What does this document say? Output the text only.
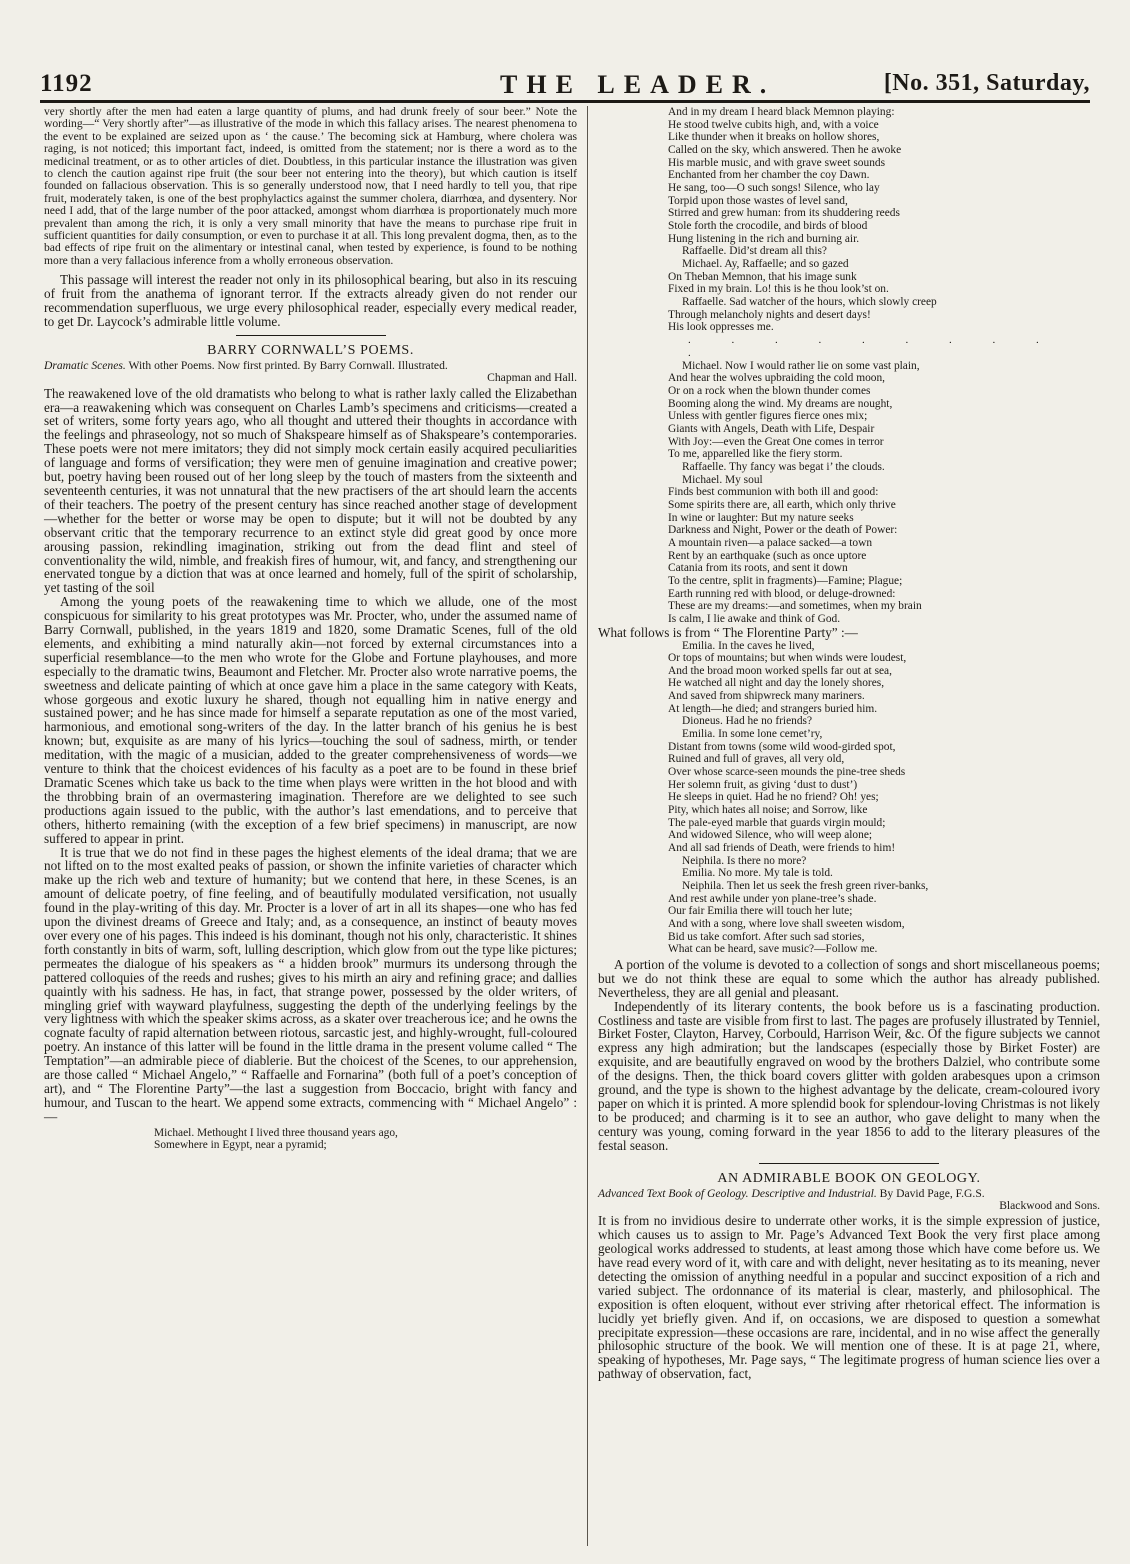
1192	THE LEADER.	[No. 351, Saturday,

very shortly after the men had eaten a large quantity of plums, and had drunk freely of sour beer.” Note the wording—“ Very shortly after”—as illustrative of the mode in which this fallacy arises. The nearest phenomena to the event to be explained are seized upon as ‘ the cause.’ The becoming sick at Hamburg, where cholera was raging, is not noticed; this important fact, indeed, is omitted from the statement; nor is there a word as to the medicinal treatment, or as to other articles of diet. Doubtless, in this particular instance the illustration was given to clench the caution against ripe fruit (the sour beer not entering into the theory), but which caution is itself founded on fallacious observation. This is so generally understood now, that I need hardly to tell you, that ripe fruit, moderately taken, is one of the best prophylactics against the summer cholera, diarrhœa, and dysentery. Nor need I add, that of the large number of the poor attacked, amongst whom diarrhœa is proportionately much more prevalent than among the rich, it is only a very small minority that have the means to purchase ripe fruit in sufficient quantities for daily consumption, or even to purchase it at all. This long prevalent dogma, then, as to the bad effects of ripe fruit on the alimentary or intestinal canal, when tested by experience, is found to be nothing more than a very fallacious inference from a wholly erroneous observation.

This passage will interest the reader not only in its philosophical bearing, but also in its rescuing of fruit from the anathema of ignorant terror. If the extracts already given do not render our recommendation superfluous, we urge every philosophical reader, especially every medical reader, to get Dr. Laycock’s admirable little volume.

BARRY CORNWALL’S POEMS.

Dramatic Scenes. With other Poems. Now first printed. By Barry Cornwall. Illustrated.

Chapman and Hall.

The reawakened love of the old dramatists who belong to what is rather laxly called the Elizabethan era—a reawakening which was consequent on Charles Lamb’s specimens and criticisms—created a set of writers, some forty years ago, who all thought and uttered their thoughts in accordance with the feelings and phraseology, not so much of Shakspeare himself as of Shakspeare’s contemporaries. These poets were not mere imitators; they did not simply mock certain easily acquired peculiarities of language and forms of versification; they were men of genuine imagination and creative power; but, poetry having been roused out of her long sleep by the touch of masters from the sixteenth and seventeenth centuries, it was not unnatural that the new practisers of the art should learn the accents of their teachers. The poetry of the present century has since reached another stage of development—whether for the better or worse may be open to dispute; but it will not be doubted by any observant critic that the temporary recurrence to an extinct style did great good by once more arousing passion, rekindling imagination, striking out from the dead flint and steel of conventionality the wild, nimble, and freakish fires of humour, wit, and fancy, and strengthening our enervated tongue by a diction that was at once learned and homely, full of the spirit of scholarship, yet tasting of the soil

Among the young poets of the reawakening time to which we allude, one of the most conspicuous for similarity to his great prototypes was Mr. Procter, who, under the assumed name of Barry Cornwall, published, in the years 1819 and 1820, some Dramatic Scenes, full of the old elements, and exhibiting a mind naturally akin—not forced by external circumstances into a superficial resemblance—to the men who wrote for the Globe and Fortune playhouses, and more especially to the dramatic twins, Beaumont and Fletcher. Mr. Procter also wrote narrative poems, the sweetness and delicate painting of which at once gave him a place in the same category with Keats, whose gorgeous and exotic luxury he shared, though not equalling him in native energy and sustained power; and he has since made for himself a separate reputation as one of the most varied, harmonious, and emotional song-writers of the day. In the latter branch of his genius he is best known; but, exquisite as are many of his lyrics—touching the soul of sadness, mirth, or tender meditation, with the magic of a musician, added to the greater comprehensiveness of words—we venture to think that the choicest evidences of his faculty as a poet are to be found in these brief Dramatic Scenes which take us back to the time when plays were written in the hot blood and with the throbbing brain of an overmastering imagination. Therefore are we delighted to see such productions again issued to the public, with the author’s last emendations, and to perceive that others, hitherto remaining (with the exception of a few brief specimens) in manuscript, are now suffered to appear in print.

It is true that we do not find in these pages the highest elements of the ideal drama; that we are not lifted on to the most exalted peaks of passion, or shown the infinite varieties of character which make up the rich web and texture of humanity; but we contend that here, in these Scenes, is an amount of delicate poetry, of fine feeling, and of beautifully modulated versification, not usually found in the play-writing of this day. Mr. Procter is a lover of art in all its shapes—one who has fed upon the divinest dreams of Greece and Italy; and, as a consequence, an instinct of beauty moves over every one of his pages. This indeed is his dominant, though not his only, characteristic. It shines forth constantly in bits of warm, soft, lulling description, which glow from out the type like pictures; permeates the dialogue of his speakers as “ a hidden brook” murmurs its undersong through the pattered colloquies of the reeds and rushes; gives to his mirth an airy and refining grace; and dallies quaintly with his sadness. He has, in fact, that strange power, possessed by the older writers, of mingling grief with wayward playfulness, suggesting the depth of the underlying feelings by the very lightness with which the speaker skims across, as a skater over treacherous ice; and he owns the cognate faculty of rapid alternation between riotous, sarcastic jest, and highly-wrought, full-coloured poetry. An instance of this latter will be found in the little drama in the present volume called “ The Temptation”—an admirable piece of diablerie. But the choicest of the Scenes, to our apprehension, are those called “ Michael Angelo,” “ Raffaelle and Fornarina” (both full of a poet’s conception of art), and “ The Florentine Party”—the last a suggestion from Boccacio, bright with fancy and humour, and Tuscan to the heart. We append some extracts, commencing with “ Michael Angelo” :—

Michael. Methought I lived three thousand years ago,

Somewhere in Egypt, near a pyramid;

And in my dream I heard black Memnon playing:

He stood twelve cubits high, and, with a voice

Like thunder when it breaks on hollow shores,

Called on the sky, which answered. Then he awoke

His marble music, and with grave sweet sounds

Enchanted from her chamber the coy Dawn.

He sang, too—O such songs! Silence, who lay

Torpid upon those wastes of level sand,

Stirred and grew human: from its shuddering reeds

Stole forth the crocodile, and birds of blood

Hung listening in the rich and burning air.

Raffaelle. Did’st dream all this?

Michael. Ay, Raffaelle; and so gazed

On Theban Memnon, that his image sunk

Fixed in my brain. Lo! this is he thou look’st on.

Raffaelle. Sad watcher of the hours, which slowly creep

Through melancholy nights and desert days!

His look oppresses me.

. . . . . . . . . .

Michael. Now I would rather lie on some vast plain,

And hear the wolves upbraiding the cold moon,

Or on a rock when the blown thunder comes

Booming along the wind. My dreams are nought,

Unless with gentler figures fierce ones mix;

Giants with Angels, Death with Life, Despair

With Joy:—even the Great One comes in terror

To me, apparelled like the fiery storm.

Raffaelle. Thy fancy was begat i’ the clouds.

Michael. My soul

Finds best communion with both ill and good:

Some spirits there are, all earth, which only thrive

In wine or laughter: But my nature seeks

Darkness and Night, Power or the death of Power:

A mountain riven—a palace sacked—a town

Rent by an earthquake (such as once uptore

Catania from its roots, and sent it down

To the centre, split in fragments)—Famine; Plague;

Earth running red with blood, or deluge-drowned:

These are my dreams:—and sometimes, when my brain

Is calm, I lie awake and think of God.

What follows is from “ The Florentine Party” :—

Emilia. In the caves he lived,

Or tops of mountains; but when winds were loudest,

And the broad moon worked spells far out at sea,

He watched all night and day the lonely shores,

And saved from shipwreck many mariners.

At length—he died; and strangers buried him.

Dioneus. Had he no friends?

Emilia. In some lone cemet’ry,

Distant from towns (some wild wood-girded spot,

Ruined and full of graves, all very old,

Over whose scarce-seen mounds the pine-tree sheds

Her solemn fruit, as giving ‘dust to dust’)

He sleeps in quiet. Had he no friend? Oh! yes;

Pity, which hates all noise; and Sorrow, like

The pale-eyed marble that guards virgin mould;

And widowed Silence, who will weep alone;

And all sad friends of Death, were friends to him!

Neiphila. Is there no more?

Emilia. No more. My tale is told.

Neiphila. Then let us seek the fresh green river-banks,

And rest awhile under yon plane-tree’s shade.

Our fair Emilia there will touch her lute;

And with a song, where love shall sweeten wisdom,

Bid us take comfort. After such sad stories,

What can be heard, save music?—Follow me.

A portion of the volume is devoted to a collection of songs and short miscellaneous poems; but we do not think these are equal to some which the author has already published. Nevertheless, they are all genial and pleasant.

Independently of its literary contents, the book before us is a fascinating production. Costliness and taste are visible from first to last. The pages are profusely illustrated by Tenniel, Birket Foster, Clayton, Harvey, Corbould, Harrison Weir, &c. Of the figure subjects we cannot express any high admiration; but the landscapes (especially those by Birket Foster) are exquisite, and are beautifully engraved on wood by the brothers Dalziel, who contribute some of the designs. Then, the thick board covers glitter with golden arabesques upon a crimson ground, and the type is shown to the highest advantage by the delicate, cream-coloured ivory paper on which it is printed. A more splendid book for splendour-loving Christmas is not likely to be produced; and charming is it to see an author, who gave delight to many when the century was young, coming forward in the year 1856 to add to the literary pleasures of the festal season.

AN ADMIRABLE BOOK ON GEOLOGY.

Advanced Text Book of Geology. Descriptive and Industrial. By David Page, F.G.S.

Blackwood and Sons.

It is from no invidious desire to underrate other works, it is the simple expression of justice, which causes us to assign to Mr. Page’s Advanced Text Book the very first place among geological works addressed to students, at least among those which have come before us. We have read every word of it, with care and with delight, never hesitating as to its meaning, never detecting the omission of anything needful in a popular and succinct exposition of a rich and varied subject. The ordonnance of its material is clear, masterly, and philosophical. The exposition is often eloquent, without ever striving after rhetorical effect. The information is lucidly yet briefly given. And if, on occasions, we are disposed to question a somewhat precipitate expression—these occasions are rare, incidental, and in no wise affect the generally philosophic structure of the book. We will mention one of these. It is at page 21, where, speaking of hypotheses, Mr. Page says, “ The legitimate progress of human science lies over a pathway of observation, fact,
